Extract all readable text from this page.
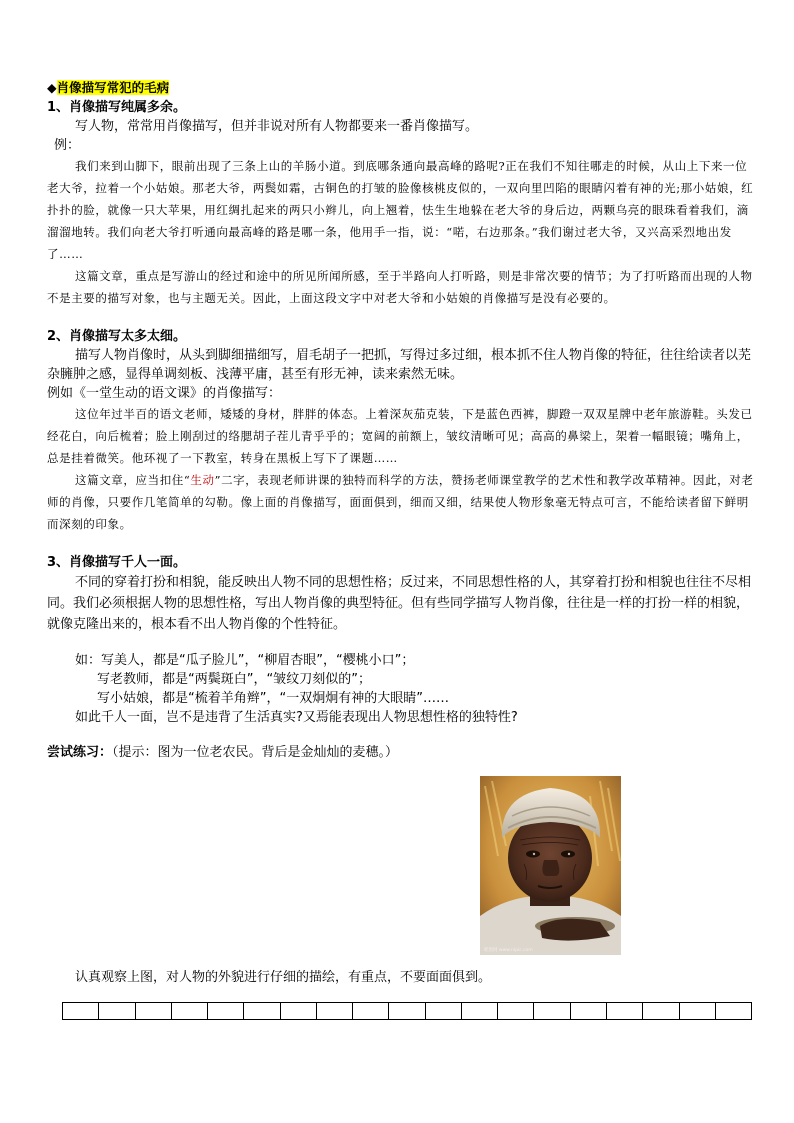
◆肖像描写常犯的毛病

1、肖像描写纯属多余。

写人物，常常用肖像描写，但并非说对所有人物都要来一番肖像描写。

例：

我们来到山脚下，眼前出现了三条上山的羊肠小道。到底哪条通向最高峰的路呢?正在我们不知往哪走的时候，从山上下来一位老大爷，拉着一个小姑娘。那老大爷，两鬓如霜，古铜色的打皱的脸像核桃皮似的，一双向里凹陷的眼睛闪着有神的光;那小姑娘，红扑扑的脸，就像一只大苹果，用红绸扎起来的两只小辫儿，向上翘着，怯生生地躲在老大爷的身后边，两颗乌亮的眼珠看着我们，滴溜溜地转。我们向老大爷打听通向最高峰的路是哪一条，他用手一指，说：“喏，右边那条。”我们谢过老大爷，又兴高采烈地出发了……

这篇文章，重点是写游山的经过和途中的所见所闻所感，至于半路向人打听路，则是非常次要的情节；为了打听路而出现的人物不是主要的描写对象，也与主题无关。因此，上面这段文字中对老大爷和小姑娘的肖像描写是没有必要的。

2、肖像描写太多太细。

描写人物肖像时，从头到脚细描细写，眉毛胡子一把抓，写得过多过细，根本抓不住人物肖像的特征，往往给读者以芜杂臃肿之感，显得单调刻板、浅薄平庸，甚至有形无神，读来索然无味。

例如《一堂生动的语文课》的肖像描写：

这位年过半百的语文老师，矮矮的身材，胖胖的体态。上着深灰茄克装，下是蓝色西裤，脚蹬一双双星牌中老年旅游鞋。头发已经花白，向后梳着；脸上刚刮过的络腮胡子茬儿青乎乎的；宽阔的前额上，皱纹清晰可见；高高的鼻梁上，架着一幅眼镜；嘴角上，总是挂着微笑。他环视了一下教室，转身在黑板上写下了课题……

这篇文章，应当扣住“生动”二字，表现老师讲课的独特而科学的方法，赞扬老师课堂教学的艺术性和教学改革精神。因此，对老师的肖像，只要作几笔简单的勾勒。像上面的肖像描写，面面俱到，细而又细，结果使人物形象毫无特点可言，不能给读者留下鲜明而深刻的印象。

3、肖像描写千人一面。

不同的穿着打扮和相貌，能反映出人物不同的思想性格；反过来，不同思想性格的人，其穿着打扮和相貌也往往不尽相同。我们必须根据人物的思想性格，写出人物肖像的典型特征。但有些同学描写人物肖像，往往是一样的打扮一样的相貌，就像克隆出来的，根本看不出人物肖像的个性特征。

如：写美人，都是“瓜子脸儿”，“柳眉杏眼”，“樱桃小口”；
写老教师，都是“两鬓斑白”，“皱纹刀刻似的”；
写小姑娘，都是“梳着羊角辫”，“一双炯炯有神的大眼睛”……
如此千人一面，岂不是违背了生活真实?又焉能表现出人物思想性格的独特性?

尝试练习：（提示：图为一位老农民。背后是金灿灿的麦穗。）

昵图网 www.nipic.com
认真观察上图，对人物的外貌进行仔细的描绘，有重点，不要面面俱到。
